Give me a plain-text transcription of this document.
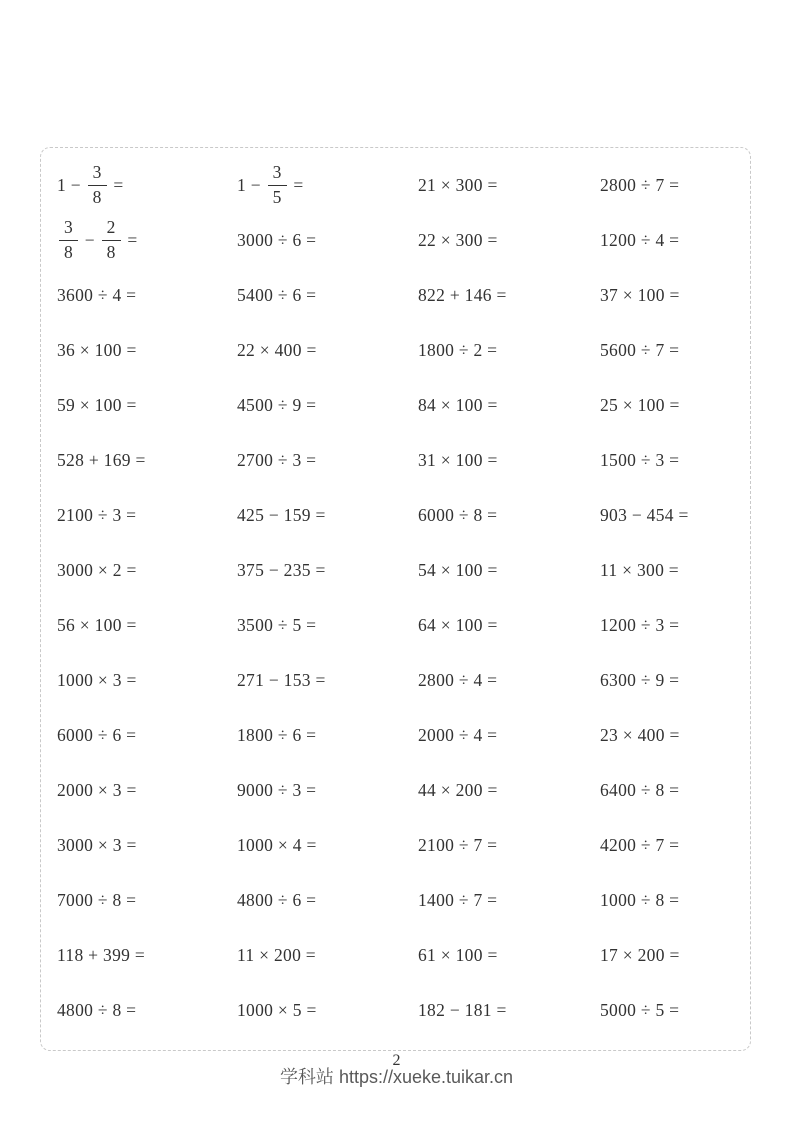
$1 - \frac{3}{8}$ =	$1 - \frac{3}{5}$ =	21 × 300 =	2800 ÷ 7 =
$\frac{3}{8} - \frac{2}{8}$ =	3000 ÷ 6 =	22 × 300 =	1200 ÷ 4 =
3600 ÷ 4 =	5400 ÷ 6 =	822 + 146 =	37 × 100 =
36 × 100 =	22 × 400 =	1800 ÷ 2 =	5600 ÷ 7 =
59 × 100 =	4500 ÷ 9 =	84 × 100 =	25 × 100 =
528 + 169 =	2700 ÷ 3 =	31 × 100 =	1500 ÷ 3 =
2100 ÷ 3 =	425 − 159 =	6000 ÷ 8 =	903 − 454 =
3000 × 2 =	375 − 235 =	54 × 100 =	11 × 300 =
56 × 100 =	3500 ÷ 5 =	64 × 100 =	1200 ÷ 3 =
1000 × 3 =	271 − 153 =	2800 ÷ 4 =	6300 ÷ 9 =
6000 ÷ 6 =	1800 ÷ 6 =	2000 ÷ 4 =	23 × 400 =
2000 × 3 =	9000 ÷ 3 =	44 × 200 =	6400 ÷ 8 =
3000 × 3 =	1000 × 4 =	2100 ÷ 7 =	4200 ÷ 7 =
7000 ÷ 8 =	4800 ÷ 6 =	1400 ÷ 7 =	1000 ÷ 8 =
118 + 399 =	11 × 200 =	61 × 100 =	17 × 200 =
4800 ÷ 8 =	1000 × 5 =	182 − 181 =	5000 ÷ 5 =
2
学科站 https://xueke.tuikar.cn
